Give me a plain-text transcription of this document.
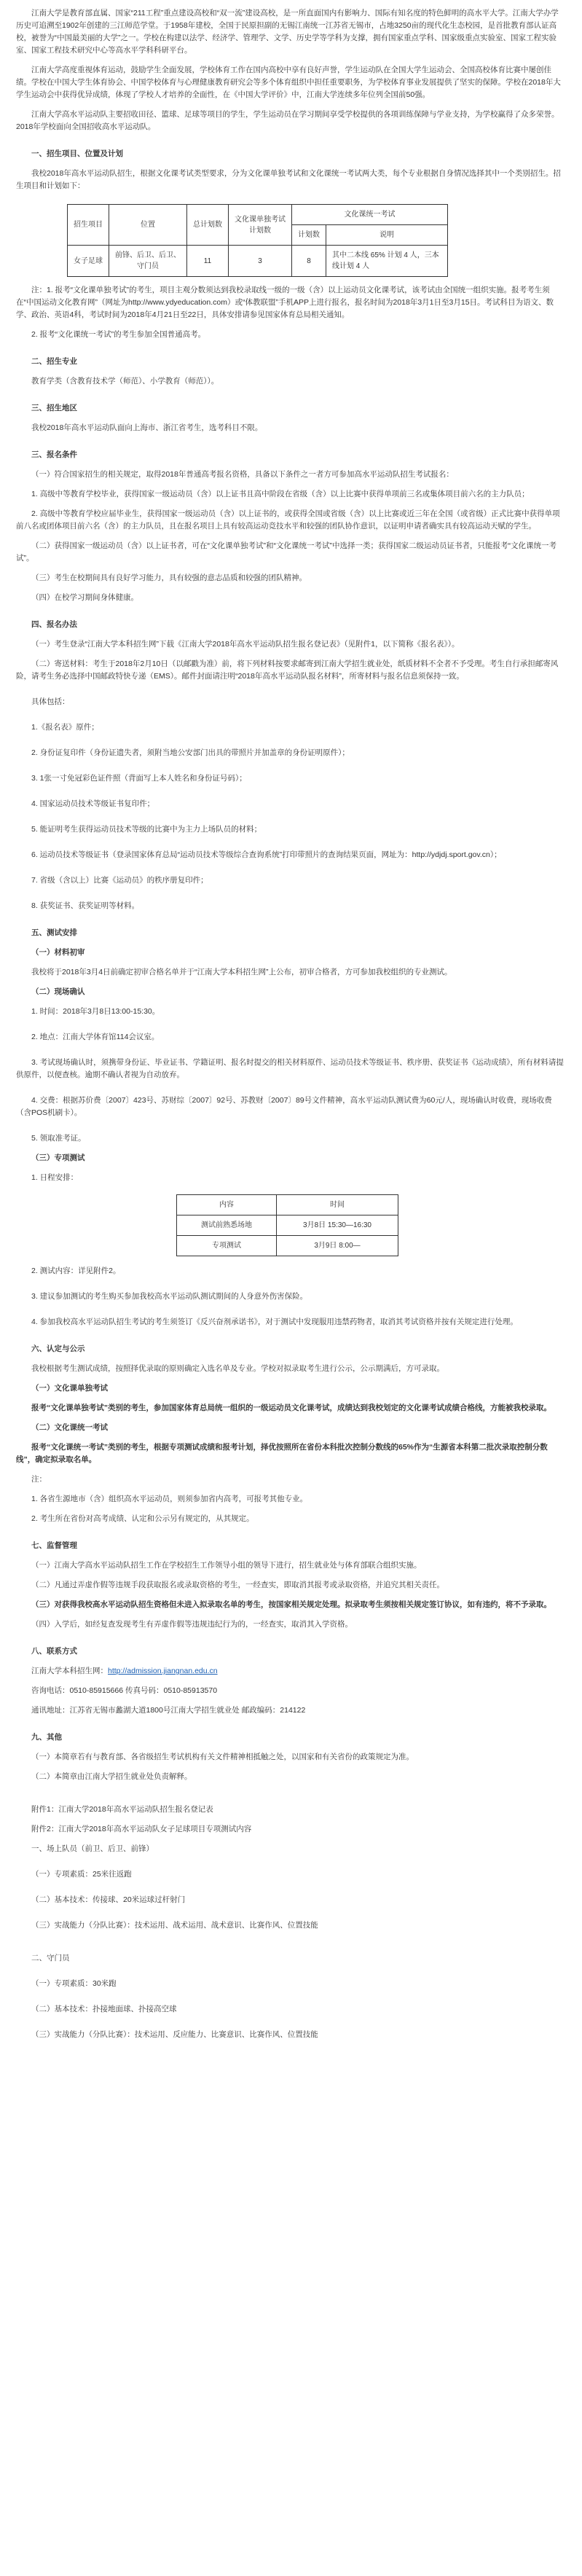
江南大学是教育部直属、国家“211工程”重点建设高校和“双一流”建设高校，是一所直面国内有影响力、国际有知名度的特色鲜明的高水平大学。江南大学办学历史可追溯至1902年创建的三江师范学堂。于1958年建校，全国于民原担副的无锡江南统一江苏省无锡市，占地3250亩的现代化生态校园，是首批教育部认证高校，被誉为“中国最美丽的大学”之一。学校在构建以法学、经济学、管理学、文学、历史学等学科为支撑，拥有国家重点学科、国家级重点实验室、国家工程实验室、国家工程技术研究中心等高水平学科科研平台。

江南大学高度重视体育运动，鼓励学生全面发展，学校体育工作在国内高校中享有良好声誉，学生运动队在全国大学生运动会、全国高校体育比赛中屡创佳绩。学校在中国大学生体育协会、中国学校体育与心理健康教育研究会等多个体育组织中担任重要职务，为学校体育事业发展提供了坚实的保障。学校在2018年大学生运动会中获得优异成绩，体现了学校人才培养的全面性，在《中国大学评价》中，江南大学连续多年位列全国前50强。

江南大学高水平运动队主要招收田径、篮球、足球等项目的学生，学生运动员在学习期间享受学校提供的各项训练保障与学业支持，为学校赢得了众多荣誉。2018年学校面向全国招收高水平运动队。

一、招生项目、位置及计划

我校2018年高水平运动队招生，根据文化课考试类型要求，分为文化课单独考试和文化课统一考试两大类，每个专业根据自身情况选择其中一个类别招生。招生项目和计划如下：

招生项目	位置	总计划数	文化课单独考试计划数	文化课统一考试	
				计划数	说明
女子足球	前锋、后卫、后卫、守门员	11	3	8	其中二本线 65% 计划 4 人，三本线计划 4 人

注：1. 报考“文化课单独考试”的考生，项目主观分数须达到我校录取线一级的一级（含）以上运动员文化课考试，该考试由全国统一组织实施。报考考生须在“中国运动文化教育网”（网址为http://www.ydyeducation.com）或“体教联盟”手机APP上进行报名，报名时间为2018年3月1日至3月15日。考试科目为语文、数学、政治、英语4科，考试时间为2018年4月21日至22日，具体安排请参见国家体育总局相关通知。

2. 报考“文化课统一考试”的考生参加全国普通高考。

二、招生专业

教育学类（含教育技术学（师范）、小学教育（师范））。

三、招生地区

我校2018年高水平运动队面向上海市、浙江省考生，选考科目不限。

三、报名条件

（一）符合国家招生的相关规定，取得2018年普通高考报名资格，具备以下条件之一者方可参加高水平运动队招生考试报名：

1. 高级中等教育学校毕业，获得国家一级运动员（含）以上证书且高中阶段在省级（含）以上比赛中获得单项前三名或集体项目前六名的主力队员；

2. 高级中等教育学校应届毕业生，获得国家一级运动员（含）以上证书的，或获得全国或省级（含）以上比赛或近三年在全国（或省级）正式比赛中获得单项前八名或团体项目前六名（含）的主力队员，且在报名项目上具有较高运动竞技水平和较强的团队协作意识，以证明申请者确实具有较高运动天赋的学生。

（二）获得国家一级运动员（含）以上证书者，可在“文化课单独考试”和“文化课统一考试”中选择一类；获得国家二级运动员证书者，只能报考“文化课统一考试”。

（三）考生在校期间具有良好学习能力，具有较强的意志品质和较强的团队精神。

（四）在校学习期间身体健康。

四、报名办法

（一）考生登录“江南大学本科招生网”下载《江南大学2018年高水平运动队招生报名登记表》（见附件1，以下简称《报名表》）。

（二）寄送材料：考生于2018年2月10日（以邮戳为准）前，将下列材料按要求邮寄到江南大学招生就业处，纸质材料不全者不予受理。考生自行承担邮寄风险，请考生务必选择中国邮政特快专递（EMS）。邮件封面请注明“2018年高水平运动队报名材料”，所寄材料与报名信息须保持一致。

具体包括：

1.《报名表》原件；

2. 身份证复印件（身份证遗失者，须附当地公安部门出具的带照片并加盖章的身份证明原件）；

3. 1张一寸免冠彩色证件照（背面写上本人姓名和身份证号码）；

4. 国家运动员技术等级证书复印件；

5. 能证明考生获得运动员技术等级的比赛中为主力上场队员的材料；

6. 运动员技术等级证书（登录国家体育总局“运动员技术等级综合查询系统”打印带照片的查询结果页面，网址为：http://ydjdj.sport.gov.cn）；

7. 省级（含以上）比赛《运动员》的秩序册复印件；

8. 获奖证书、获奖证明等材料。

五、测试安排

（一）材料初审

我校将于2018年3月4日前确定初审合格名单并于“江南大学本科招生网”上公布，初审合格者，方可参加我校组织的专业测试。

（二）现场确认

1. 时间：2018年3月8日13:00-15:30。

2. 地点：江南大学体育馆114会议室。

3. 考试现场确认时，须携带身份证、毕业证书、学籍证明、报名时提交的相关材料原件、运动员技术等级证书、秩序册、获奖证书《运动成绩》，所有材料请提供原件，以便查核。逾期不确认者视为自动放弃。

4. 交费：根据苏价费〔2007〕423号、苏财综〔2007〕92号、苏教财〔2007〕89号文件精神，高水平运动队测试费为60元/人，现场确认时收费，现场收费（含POS机刷卡）。

5. 领取准考证。

（三）专项测试

1. 日程安排：

内容	时间
测试前熟悉场地	3月8日 15:30—16:30
专项测试	3月9日 8:00—

2. 测试内容：详见附件2。

3. 建议参加测试的考生购买参加我校高水平运动队测试期间的人身意外伤害保险。

4. 参加我校高水平运动队招生考试的考生须签订《反兴奋剂承诺书》，对于测试中发现服用违禁药物者，取消其考试资格并按有关规定进行处理。

六、认定与公示

我校根据考生测试成绩，按照择优录取的原则确定入选名单及专业。学校对拟录取考生进行公示，公示期满后，方可录取。

（一）文化课单独考试

报考“文化课单独考试”类别的考生，参加国家体育总局统一组织的一级运动员文化课考试，成绩达到我校划定的文化课考试成绩合格线，方能被我校录取。

（二）文化课统一考试

报考“文化课统一考试”类别的考生，根据专项测试成绩和报考计划，择优按照所在省份本科批次控制分数线的65%作为“生源省本科第二批次录取控制分数线”，确定拟录取名单。

注：

1. 各省生源地市（含）组织高水平运动员，则须参加省内高考，可报考其他专业。

2. 考生所在省份对高考成绩、认定和公示另有规定的，从其规定。

七、监督管理

（一）江南大学高水平运动队招生工作在学校招生工作领导小组的领导下进行，招生就业处与体育部联合组织实施。

（二）凡通过弄虚作假等违规手段获取报名或录取资格的考生，一经查实，即取消其报考或录取资格，并追究其相关责任。

（三）对获得我校高水平运动队招生资格但未进入拟录取名单的考生，按国家相关规定处理。拟录取考生须按相关规定签订协议，如有违约，将不予录取。

（四）入学后，如经复查发现考生有弄虚作假等违规违纪行为的，一经查实，取消其入学资格。

八、联系方式

江南大学本科招生网：http://admission.jiangnan.edu.cn

咨询电话：0510-85915666 传真号码：0510-85913570

通讯地址：江苏省无锡市蠡湖大道1800号江南大学招生就业处 邮政编码：214122

九、其他

（一）本简章若有与教育部、各省级招生考试机构有关文件精神相抵触之处，以国家和有关省份的政策规定为准。

（二）本简章由江南大学招生就业处负责解释。

附件1：江南大学2018年高水平运动队招生报名登记表

附件2：江南大学2018年高水平运动队女子足球项目专项测试内容

一、场上队员（前卫、后卫、前锋）

（一）专项素质：25米往返跑

（二）基本技术：传接球、20米运球过杆射门

（三）实战能力（分队比赛）：技术运用、战术运用、战术意识、比赛作风、位置技能

二、守门员

（一）专项素质：30米跑

（二）基本技术：扑接地面球、扑接高空球

（三）实战能力（分队比赛）：技术运用、反应能力、比赛意识、比赛作风、位置技能
